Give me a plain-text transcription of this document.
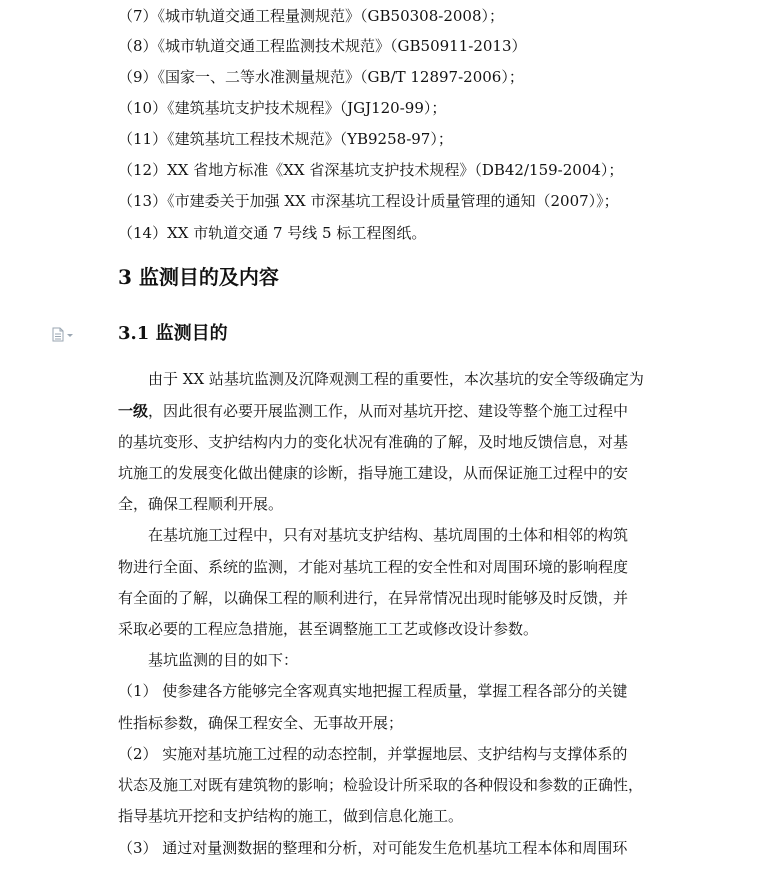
（7）《城市轨道交通工程量测规范》（GB50308-2008）；
（8）《城市轨道交通工程监测技术规范》（GB50911-2013）
（9）《国家一、二等水准测量规范》（GB/T 12897-2006）；
（10）《建筑基坑支护技术规程》（JGJ120-99）；
（11）《建筑基坑工程技术规范》（YB9258-97）；
（12）XX 省地方标准《XX 省深基坑支护技术规程》（DB42/159-2004）；
（13）《市建委关于加强 XX 市深基坑工程设计质量管理的通知（2007）》；
（14）XX 市轨道交通 7 号线 5 标工程图纸。
3 监测目的及内容
3.1 监测目的
由于 XX 站基坑监测及沉降观测工程的重要性，本次基坑的安全等级确定为
一级，因此很有必要开展监测工作，从而对基坑开挖、建设等整个施工过程中
的基坑变形、支护结构内力的变化状况有准确的了解，及时地反馈信息，对基
坑施工的发展变化做出健康的诊断，指导施工建设，从而保证施工过程中的安
全，确保工程顺利开展。
在基坑施工过程中，只有对基坑支护结构、基坑周围的土体和相邻的构筑
物进行全面、系统的监测，才能对基坑工程的安全性和对周围环境的影响程度
有全面的了解，以确保工程的顺利进行，在异常情况出现时能够及时反馈，并
采取必要的工程应急措施，甚至调整施工工艺或修改设计参数。
基坑监测的目的如下：
（1） 使参建各方能够完全客观真实地把握工程质量，掌握工程各部分的关键
性指标参数，确保工程安全、无事故开展；
（2） 实施对基坑施工过程的动态控制，并掌握地层、支护结构与支撑体系的
状态及施工对既有建筑物的影响；检验设计所采取的各种假设和参数的正确性，
指导基坑开挖和支护结构的施工，做到信息化施工。
（3） 通过对量测数据的整理和分析，对可能发生危机基坑工程本体和周围环
